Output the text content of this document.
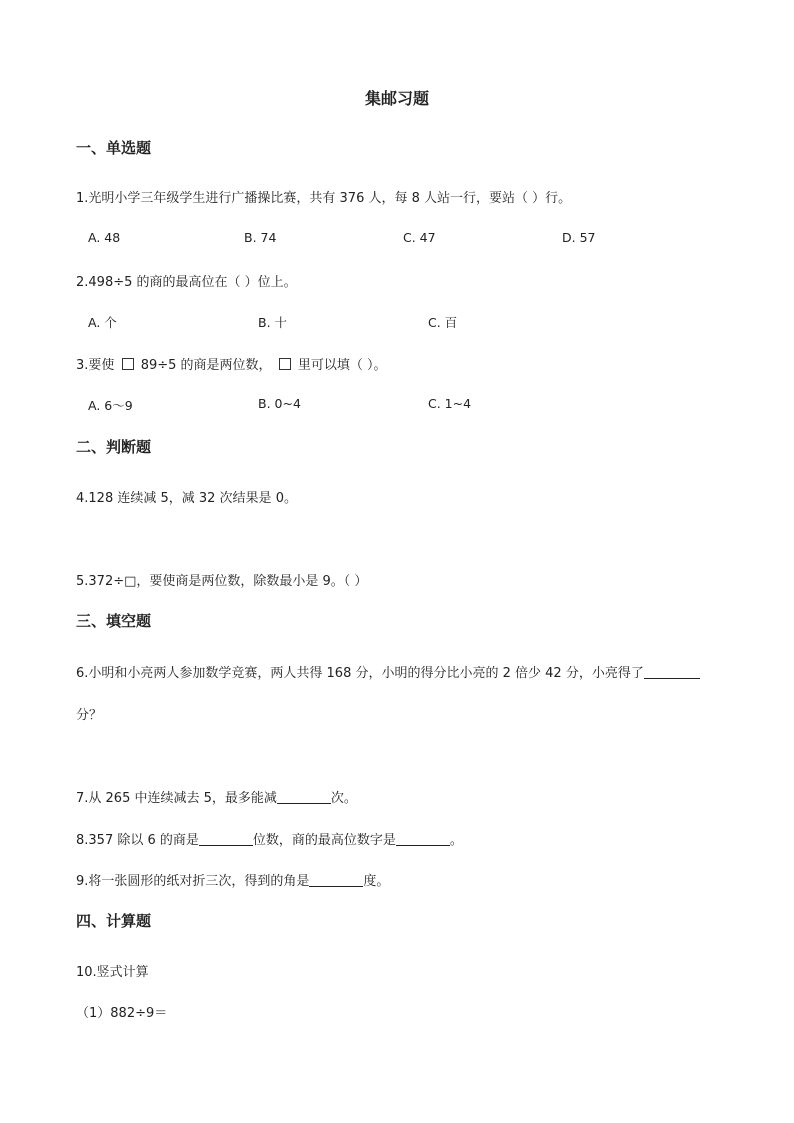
集邮习题
一、单选题
1.光明小学三年级学生进行广播操比赛，共有 376 人，每 8 人站一行，要站（ ）行。
A. 48	B. 74	C. 47	D. 57
2.498÷5 的商的最高位在（ ）位上。
A. 个	B. 十	C. 百
3.要使 89÷5 的商是两位数， 里可以填（ ）。
A. 6～9	B. 0~4	C. 1~4
二、判断题
4.128 连续减 5，减 32 次结果是 0。
5.372÷□，要使商是两位数，除数最小是 9。（ ）
三、填空题
6.小明和小亮两人参加数学竞赛，两人共得 168 分，小明的得分比小亮的 2 倍少 42 分，小亮得了
分？
7.从 265 中连续减去 5，最多能减	次。
8.357 除以 6 的商是	位数，商的最高位数字是	。
9.将一张圆形的纸对折三次，得到的角是	度。
四、计算题
10.竖式计算
（1）882÷9＝
